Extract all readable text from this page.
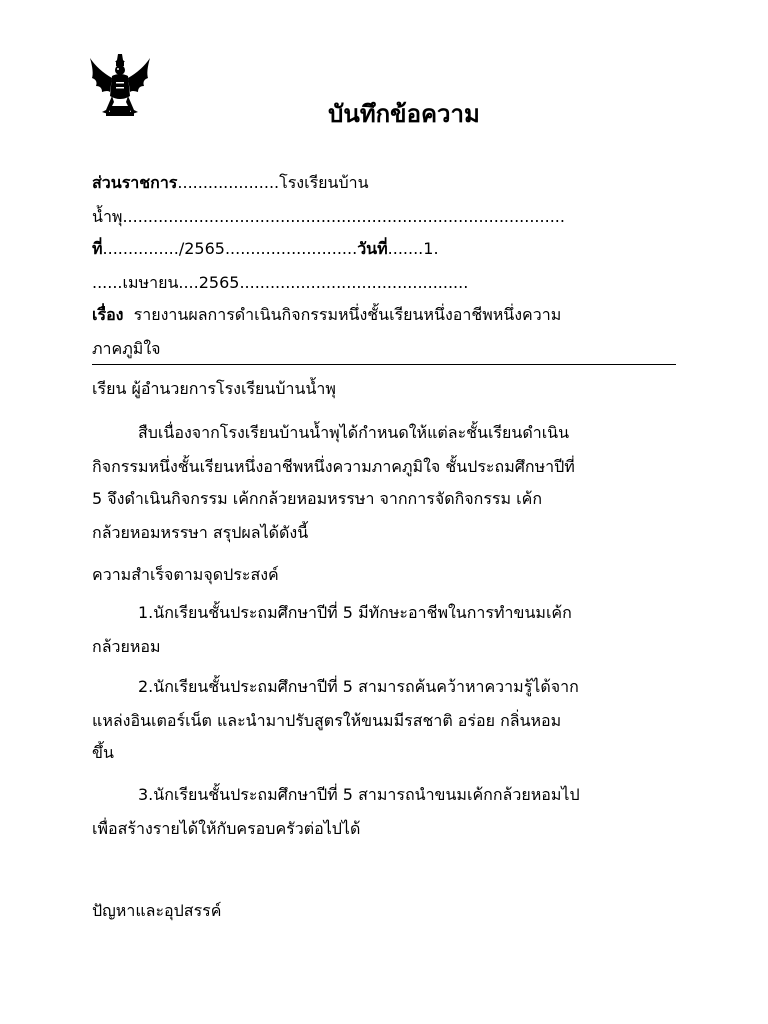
บันทึกข้อความ
ส่วนราชการ....................โรงเรียนบ้าน
น้ำพุ.......................................................................................
ที่.............../2565..........................วันที่.......1.
......เมษายน....2565.............................................
เรื่อง รายงานผลการดำเนินกิจกรรมหนึ่งชั้นเรียนหนึ่งอาชีพหนึ่งความ
ภาคภูมิใจ
เรียน ผู้อำนวยการโรงเรียนบ้านน้ำพุ
สืบเนื่องจากโรงเรียนบ้านน้ำพุได้กำหนดให้แต่ละชั้นเรียนดำเนิน
กิจกรรมหนึ่งชั้นเรียนหนึ่งอาชีพหนึ่งความภาคภูมิใจ ชั้นประถมศึกษาปีที่
5 จึงดำเนินกิจกรรม เค้กกล้วยหอมหรรษา จากการจัดกิจกรรม เค้ก
กล้วยหอมหรรษา สรุปผลได้ดังนี้
ความสำเร็จตามจุดประสงค์
1.นักเรียนชั้นประถมศึกษาปีที่ 5 มีทักษะอาชีพในการทำขนมเค้ก
กล้วยหอม
2.นักเรียนชั้นประถมศึกษาปีที่ 5 สามารถค้นคว้าหาความรู้ได้จาก
แหล่งอินเตอร์เน็ต และนำมาปรับสูตรให้ขนมมีรสชาติ อร่อย กลิ่นหอม
ขึ้น
3.นักเรียนชั้นประถมศึกษาปีที่ 5 สามารถนำขนมเค้กกล้วยหอมไป
เพื่อสร้างรายได้ให้กับครอบครัวต่อไปได้
ปัญหาและอุปสรรค์
